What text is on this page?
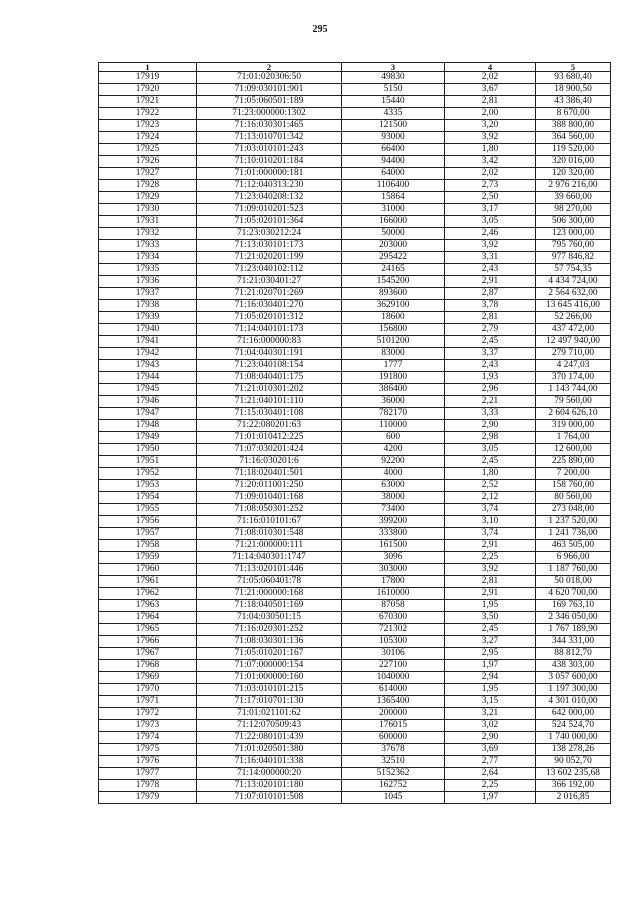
295
1	2	3	4	5
17919	71:01:020306:50	49830	2,02	93 680,40
17920	71:09:030101:901	5150	3,67	18 900,50
17921	71:05:060501:189	15440	2,81	43 386,40
17922	71:23:000000:1302	4335	2,00	8 670,00
17923	71:16:030301:465	121500	3,20	388 800,00
17924	71:13:010701:342	93000	3,92	364 560,00
17925	71:03:010101:243	66400	1,80	119 520,00
17926	71:10:010201:184	94400	3,42	320 016,00
17927	71:01:000000:181	64000	2,02	120 320,00
17928	71:12:040313:230	1106400	2,73	2 976 216,00
17929	71:23:040208:132	15864	2,50	39 660,00
17930	71:09:010201:523	31000	3,17	98 270,00
17931	71:05:020101:364	166000	3,05	506 300,00
17932	71:23:030212:24	50000	2,46	123 000,00
17933	71:13:030101:173	203000	3,92	795 760,00
17934	71:21:020201:199	295422	3,31	977 846,82
17935	71:23:040102:112	24165	2,43	57 754,35
17936	71:21:030401:27	1545200	2,91	4 434 724,00
17937	71:21:020701:269	893600	2,87	2 564 632,00
17938	71:16:030401:270	3629100	3,78	13 645 416,00
17939	71:05:020101:312	18600	2,81	52 266,00
17940	71:14:040101:173	156800	2,79	437 472,00
17941	71:16:000000:83	5101200	2,45	12 497 940,00
17942	71:04:040301:191	83000	3,37	279 710,00
17943	71:23:040108:154	1777	2,43	4 247,03
17944	71:08:040401:175	191800	1,93	370 174,00
17945	71:21:010301:202	386400	2,96	1 143 744,00
17946	71:21:040101:110	36000	2,21	79 560,00
17947	71:15:030401:108	782170	3,33	2 604 626,10
17948	71:22:080201:63	110000	2,90	319 000,00
17949	71:01:010412:225	600	2,98	1 764,00
17950	71:07:030201:424	4200	3,05	12 600,00
17951	71:16:030201:6	92200	2,45	225 890,00
17952	71:18:020401:501	4000	1,80	7 200,00
17953	71:20:011001:250	63000	2,52	158 760,00
17954	71:09:010401:168	38000	2,12	80 560,00
17955	71:08:050301:252	73400	3,74	273 048,00
17956	71:16:010101:67	399200	3,10	1 237 520,00
17957	71:08:010301:548	333800	3,74	1 241 736,00
17958	71:21:000000:111	161500	2,91	463 505,00
17959	71:14:040301:1747	3096	2,25	6 966,00
17960	71:13:020101:446	303000	3,92	1 187 760,00
17961	71:05:060401:78	17800	2,81	50 018,00
17962	71:21:000000:168	1610000	2,91	4 620 700,00
17963	71:18:040501:169	87058	1,95	169 763,10
17964	71:04:030501:15	670300	3,50	2 346 050,00
17965	71:16:020301:252	721302	2,45	1 767 189,90
17966	71:08:030301:136	105300	3,27	344 331,00
17967	71:05:010201:167	30106	2,95	88 812,70
17968	71:07:000000:154	227100	1,97	438 303,00
17969	71:01:000000:160	1040000	2,94	3 057 600,00
17970	71:03:010101:215	614000	1,95	1 197 300,00
17971	71:17:010701:130	1365400	3,15	4 301 010,00
17972	71:01:021101:62	200000	3,21	642 000,00
17973	71:12:070509:43	176015	3,02	524 524,70
17974	71:22:080101:439	600000	2,90	1 740 000,00
17975	71:01:020501:380	37678	3,69	138 278,26
17976	71:16:040101:338	32510	2,77	90 052,70
17977	71:14:000000:20	5152362	2,64	13 602 235,68
17978	71:13:020101:180	162752	2,25	366 192,00
17979	71:07:010101:508	1045	1,97	2 016,85
